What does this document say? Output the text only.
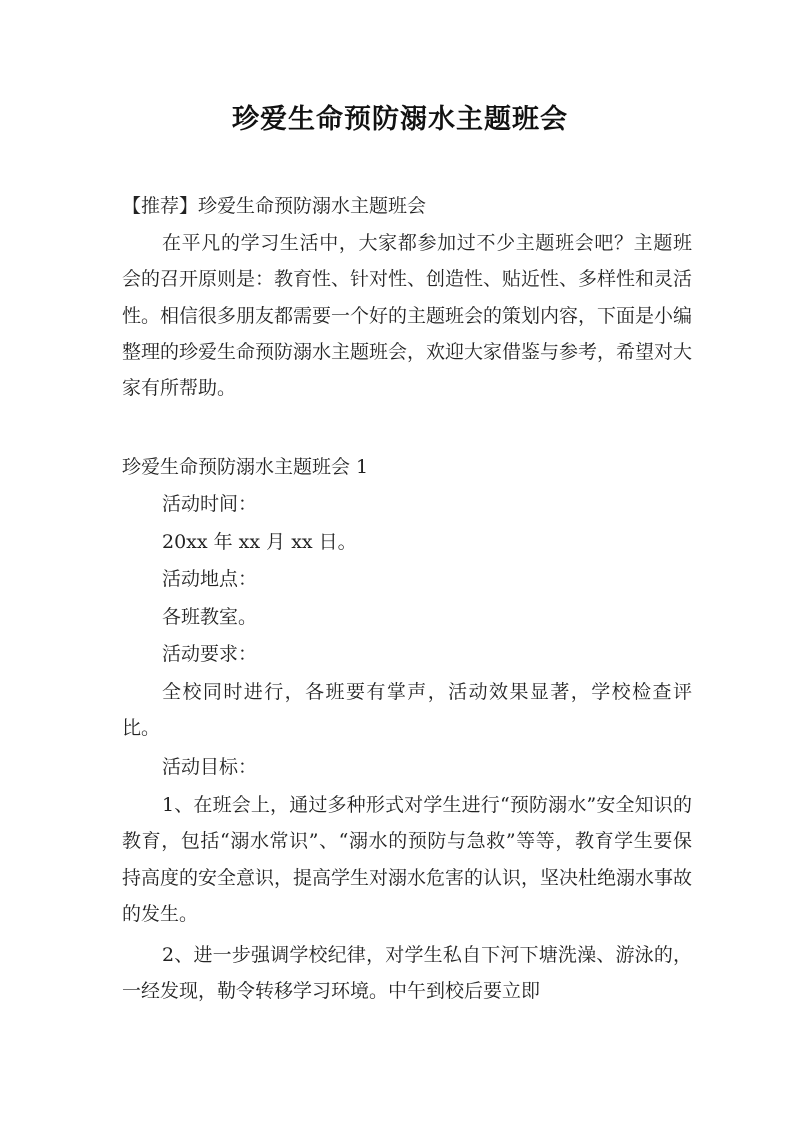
珍爱生命预防溺水主题班会

【推荐】珍爱生命预防溺水主题班会

在平凡的学习生活中，大家都参加过不少主题班会吧？主题班会的召开原则是：教育性、针对性、创造性、贴近性、多样性和灵活性。相信很多朋友都需要一个好的主题班会的策划内容，下面是小编整理的珍爱生命预防溺水主题班会，欢迎大家借鉴与参考，希望对大家有所帮助。

珍爱生命预防溺水主题班会 1

活动时间：

20xx 年 xx 月 xx 日。

活动地点：

各班教室。

活动要求：

全校同时进行，各班要有掌声，活动效果显著，学校检查评比。

活动目标：

1、在班会上，通过多种形式对学生进行“预防溺水”安全知识的教育，包括“溺水常识”、“溺水的预防与急救”等等，教育学生要保持高度的安全意识，提高学生对溺水危害的认识，坚决杜绝溺水事故的发生。

2、进一步强调学校纪律，对学生私自下河下塘洗澡、游泳的，一经发现，勒令转移学习环境。中午到校后要立即
